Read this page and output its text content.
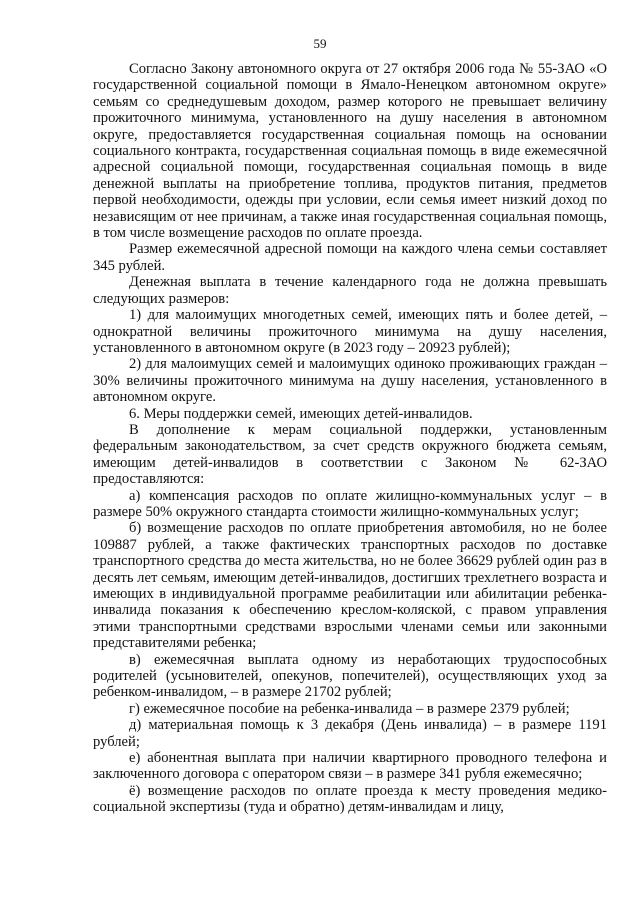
59

Согласно Закону автономного округа от 27 октября 2006 года № 55-ЗАО «О государственной социальной помощи в Ямало-Ненецком автономном округе» семьям со среднедушевым доходом, размер которого не превышает величину прожиточного минимума, установленного на душу населения в автономном округе, предоставляется государственная социальная помощь на основании социального контракта, государственная социальная помощь в виде ежемесячной адресной социальной помощи, государственная социальная помощь в виде денежной выплаты на приобретение топлива, продуктов питания, предметов первой необходимости, одежды при условии, если семья имеет низкий доход по независящим от нее причинам, а также иная государственная социальная помощь, в том числе возмещение расходов по оплате проезда.

Размер ежемесячной адресной помощи на каждого члена семьи составляет 345 рублей.

Денежная выплата в течение календарного года не должна превышать следующих размеров:

1) для малоимущих многодетных семей, имеющих пять и более детей, – однократной величины прожиточного минимума на душу населения, установленного в автономном округе (в 2023 году – 20923 рублей);

2) для малоимущих семей и малоимущих одиноко проживающих граждан – 30% величины прожиточного минимума на душу населения, установленного в автономном округе.

6. Меры поддержки семей, имеющих детей-инвалидов.

В дополнение к мерам социальной поддержки, установленным федеральным законодательством, за счет средств окружного бюджета семьям, имеющим детей-инвалидов в соответствии с Законом № 62-ЗАО предоставляются:

а) компенсация расходов по оплате жилищно-коммунальных услуг – в размере 50% окружного стандарта стоимости жилищно-коммунальных услуг;

б) возмещение расходов по оплате приобретения автомобиля, но не более 109887 рублей, а также фактических транспортных расходов по доставке транспортного средства до места жительства, но не более 36629 рублей один раз в десять лет семьям, имеющим детей-инвалидов, достигших трехлетнего возраста и имеющих в индивидуальной программе реабилитации или абилитации ребенка-инвалида показания к обеспечению креслом-коляской, с правом управления этими транспортными средствами взрослыми членами семьи или законными представителями ребенка;

в) ежемесячная выплата одному из неработающих трудоспособных родителей (усыновителей, опекунов, попечителей), осуществляющих уход за ребенком-инвалидом, – в размере 21702 рублей;

г) ежемесячное пособие на ребенка-инвалида – в размере 2379 рублей;

д) материальная помощь к 3 декабря (День инвалида) – в размере 1191 рублей;

е) абонентная выплата при наличии квартирного проводного телефона и заключенного договора с оператором связи – в размере 341 рубля ежемесячно;

ё) возмещение расходов по оплате проезда к месту проведения медико-социальной экспертизы (туда и обратно) детям-инвалидам и лицу,
